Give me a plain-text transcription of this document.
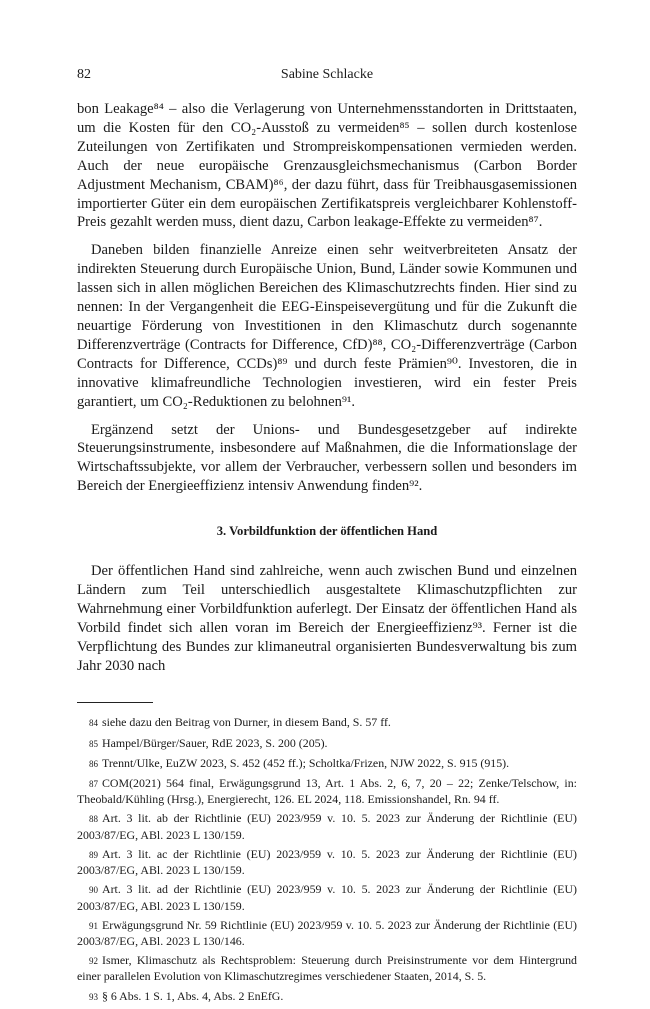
82	Sabine Schlacke

bon Leakage⁸⁴ – also die Verlagerung von Unternehmensstandorten in Drittstaaten, um die Kosten für den CO₂-Ausstoß zu vermeiden⁸⁵ – sollen durch kostenlose Zuteilungen von Zertifikaten und Strompreiskompensationen vermieden werden. Auch der neue europäische Grenzausgleichsmechanismus (Carbon Border Adjustment Mechanism, CBAM)⁸⁶, der dazu führt, dass für Treibhausgasemissionen importierter Güter ein dem europäischen Zertifikatspreis vergleichbarer Kohlenstoff-Preis gezahlt werden muss, dient dazu, Carbon leakage-Effekte zu vermeiden⁸⁷.

Daneben bilden finanzielle Anreize einen sehr weitverbreiteten Ansatz der indirekten Steuerung durch Europäische Union, Bund, Länder sowie Kommunen und lassen sich in allen möglichen Bereichen des Klimaschutzrechts finden. Hier sind zu nennen: In der Vergangenheit die EEG-Einspeisevergütung und für die Zukunft die neuartige Förderung von Investitionen in den Klimaschutz durch sogenannte Differenzverträge (Contracts for Difference, CfD)⁸⁸, CO₂-Differenzverträge (Carbon Contracts for Difference, CCDs)⁸⁹ und durch feste Prämien⁹⁰. Investoren, die in innovative klimafreundliche Technologien investieren, wird ein fester Preis garantiert, um CO₂-Reduktionen zu belohnen⁹¹.

Ergänzend setzt der Unions- und Bundesgesetzgeber auf indirekte Steuerungsinstrumente, insbesondere auf Maßnahmen, die die Informationslage der Wirtschaftssubjekte, vor allem der Verbraucher, verbessern sollen und besonders im Bereich der Energieeffizienz intensiv Anwendung finden⁹².

3. Vorbildfunktion der öffentlichen Hand

Der öffentlichen Hand sind zahlreiche, wenn auch zwischen Bund und einzelnen Ländern zum Teil unterschiedlich ausgestaltete Klimaschutzpflichten zur Wahrnehmung einer Vorbildfunktion auferlegt. Der Einsatz der öffentlichen Hand als Vorbild findet sich allen voran im Bereich der Energieeffizienz⁹³. Ferner ist die Verpflichtung des Bundes zur klimaneutral organisierten Bundesverwaltung bis zum Jahr 2030 nach

84 siehe dazu den Beitrag von Durner, in diesem Band, S. 57 ff.
85 Hampel/Bürger/Sauer, RdE 2023, S. 200 (205).
86 Trennt/Ulke, EuZW 2023, S. 452 (452 ff.); Scholtka/Frizen, NJW 2022, S. 915 (915).
87 COM(2021) 564 final, Erwägungsgrund 13, Art. 1 Abs. 2, 6, 7, 20 – 22; Zenke/Telschow, in: Theobald/Kühling (Hrsg.), Energierecht, 126. EL 2024, 118. Emissionshandel, Rn. 94 ff.
88 Art. 3 lit. ab der Richtlinie (EU) 2023/959 v. 10. 5. 2023 zur Änderung der Richtlinie (EU) 2003/87/EG, ABl. 2023 L 130/159.
89 Art. 3 lit. ac der Richtlinie (EU) 2023/959 v. 10. 5. 2023 zur Änderung der Richtlinie (EU) 2003/87/EG, ABl. 2023 L 130/159.
90 Art. 3 lit. ad der Richtlinie (EU) 2023/959 v. 10. 5. 2023 zur Änderung der Richtlinie (EU) 2003/87/EG, ABl. 2023 L 130/159.
91 Erwägungsgrund Nr. 59 Richtlinie (EU) 2023/959 v. 10. 5. 2023 zur Änderung der Richtlinie (EU) 2003/87/EG, ABl. 2023 L 130/146.
92 Ismer, Klimaschutz als Rechtsproblem: Steuerung durch Preisinstrumente vor dem Hintergrund einer parallelen Evolution von Klimaschutzregimes verschiedener Staaten, 2014, S. 5.
93 § 6 Abs. 1 S. 1, Abs. 4, Abs. 2 EnEfG.
